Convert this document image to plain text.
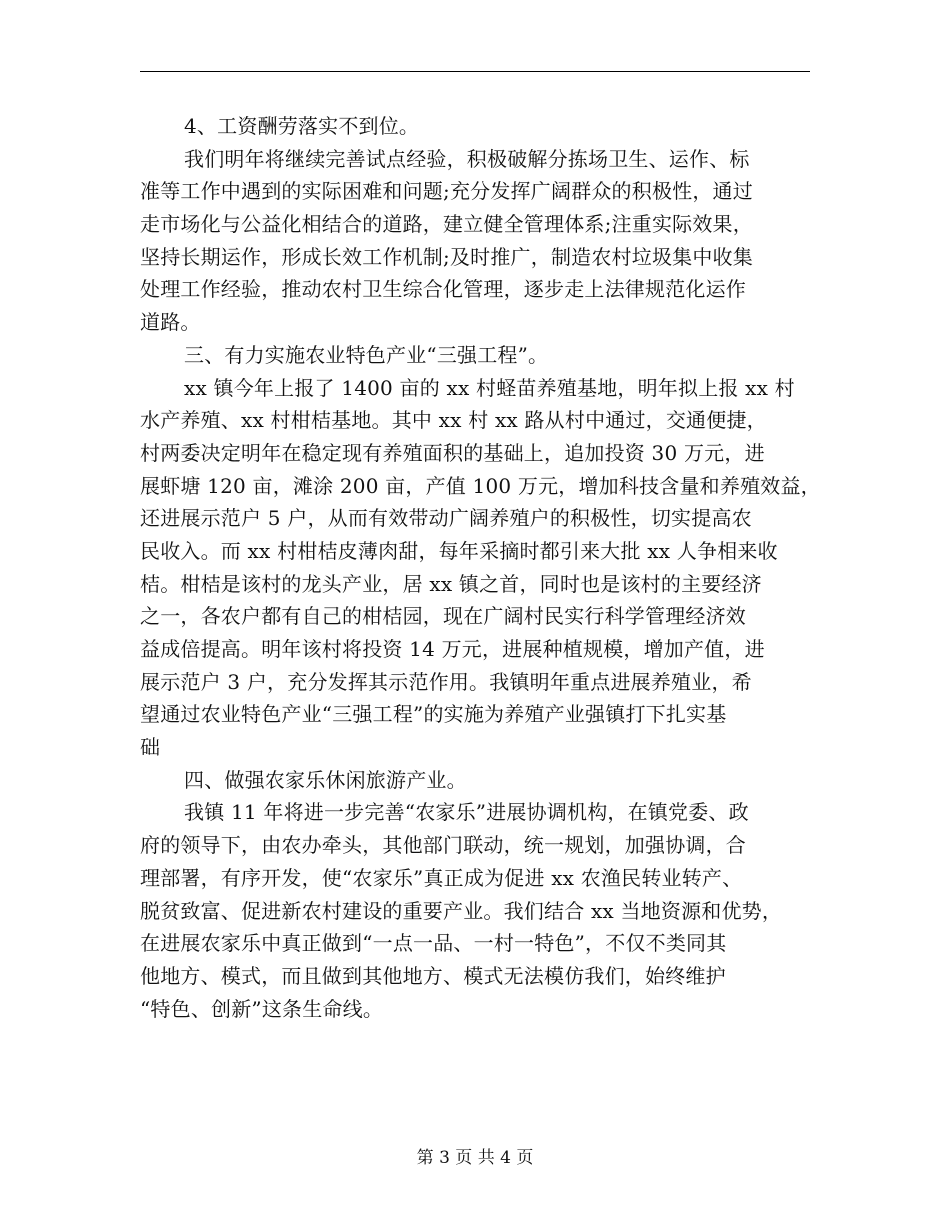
4、工资酬劳落实不到位。
我们明年将继续完善试点经验，积极破解分拣场卫生、运作、标
准等工作中遇到的实际困难和问题;充分发挥广阔群众的积极性，通过
走市场化与公益化相结合的道路，建立健全管理体系;注重实际效果，
坚持长期运作，形成长效工作机制;及时推广，制造农村垃圾集中收集
处理工作经验，推动农村卫生综合化管理，逐步走上法律规范化运作
道路。
三、有力实施农业特色产业“三强工程”。
xx 镇今年上报了 1400 亩的 xx 村蛏苗养殖基地，明年拟上报 xx 村
水产养殖、xx 村柑桔基地。其中 xx 村 xx 路从村中通过，交通便捷，
村两委决定明年在稳定现有养殖面积的基础上，追加投资 30 万元，进
展虾塘 120 亩，滩涂 200 亩，产值 100 万元，增加科技含量和养殖效益，
还进展示范户 5 户，从而有效带动广阔养殖户的积极性，切实提高农
民收入。而 xx 村柑桔皮薄肉甜，每年采摘时都引来大批 xx 人争相来收
桔。柑桔是该村的龙头产业，居 xx 镇之首，同时也是该村的主要经济
之一，各农户都有自己的柑桔园，现在广阔村民实行科学管理经济效
益成倍提高。明年该村将投资 14 万元，进展种植规模，增加产值，进
展示范户 3 户，充分发挥其示范作用。我镇明年重点进展养殖业，希
望通过农业特色产业“三强工程”的实施为养殖产业强镇打下扎实基
础
四、做强农家乐休闲旅游产业。
我镇 11 年将进一步完善“农家乐”进展协调机构，在镇党委、政
府的领导下，由农办牵头，其他部门联动，统一规划，加强协调，合
理部署，有序开发，使“农家乐”真正成为促进 xx 农渔民转业转产、
脱贫致富、促进新农村建设的重要产业。我们结合 xx 当地资源和优势，
在进展农家乐中真正做到“一点一品、一村一特色”，不仅不类同其
他地方、模式，而且做到其他地方、模式无法模仿我们，始终维护
“特色、创新”这条生命线。
第 3 页 共 4 页
